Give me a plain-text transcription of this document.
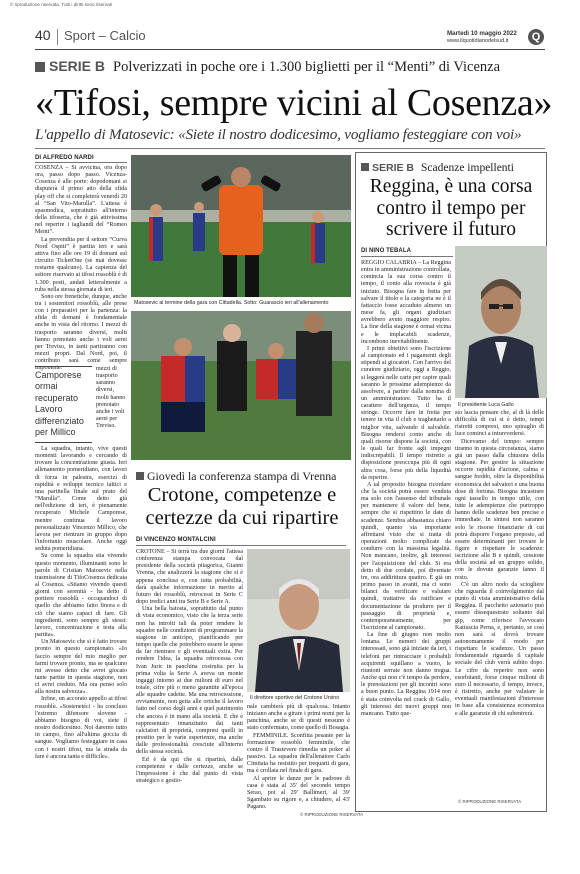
© riproduzione riservata. Tutti i diritti sono riservati
40 Sport – Calcio	Martedì 10 maggio 2022
www.ilquotidianodelsud.it	Q
SERIE B Polverizzati in poche ore i 1.300 biglietti per il “Menti” di Vicenza
«Tifosi, sempre vicini al Cosenza»
L'appello di Matosevic: «Siete il nostro dodicesimo, vogliamo festeggiare con voi»
DI ALFREDO NARDI
COSENZA – Si avvicina, ora dopo ora, passo dopo passo. Vicenza-Cosenza è alle porte: dopodomani si disputerà il primo atto della sfida play off che si completerà venerdì 20 al “San Vito-Marulla”. L'attesa è spasmodica, soprattutto all'interno della tifoseria, che è già attivissima nel reperire i tagliandi del “Romeo Menti”.
La prevendita per il settore “Curva Nord Ospiti” è partita ieri e sarà attiva fino alle ore 19 di domani sul circuito TicketOne (se mai dovesse restarne qualcuno). La capienza del settore riservato ai tifosi rossoblù è di 1.300 posti, andati letteralmente a ruba nella stessa giornata di ieri.
Sono ore frenetiche, dunque, anche tra i sostenitori rossoblù, alle prese con i preparativi per la partenza: la sfida di domani è fondamentale anche in vista del ritorno. I mezzi di trasporto saranno diversi, molti hanno prenotato anche i voli aerei per Treviso, in tanti partiranno con mezzi propri. Dal Nord, poi, il contributo sarà come sempre imponente.
Camporese ormai recuperato Lavoro differenziato per Millico
mezzi di trasporto saranno diversi, molti hanno prenotato anche i voli aerei per Treviso.
La squadra, intanto, vive questi momenti lavorando e cercando di trovare la concentrazione giusta. Ieri allenamento pomeridiano, con lavori di forza in palestra, esercizi di rapidità e sviluppi tecnico tattici e una partitella finale sul prato del “Marulla”. Come detto già nell'edizione di ieri, è pienamente recuperato Michele Camporese, mentre continua il lavoro personalizzato Vincenzo Millico, che lavora per rientrare in gruppo dopo l'infortunio muscolare. Anche oggi seduta pomeridiana.
Su come la squadra stia vivendo questo momento, illuminanti sono le parole di Cristian Matosevic nella trasmissione di TifoCosenza dedicata al Cosenza. «Stiamo vivendo questi giorni con serenità - ha detto il portiere rossoblù - occupandoci di quello che abbiamo fatto finora e di ciò che siamo capaci di fare. Gli ingredienti, sono sempre gli stessi: lavoro, concentrazione e testa alla partita».
Un Matosevic che si è fatto trovare pronto in questo campionato. «Io faccio sempre del mio meglio per farmi trovare pronto, ma se qualcuno mi avesse detto che avrei giocato tante partite in questa stagione, non ci avrei creduto. Ma ora penso solo alla nostra salvezza».
Infine, un accorato appello ai tifosi rossoblù. «Sostenetéci - ha concluso l'estremo difensore slovene - abbiamo bisogno di voi, siete il nostro dodicesimo. Noi daremo tutto in campo, fino all'ultima goccia di sangue. Vogliamo festeggiare in casa con i nostri tifosi, ma la strada da fare è ancora tanta e difficile».
Matosevic al termine della gara con Cittadella. Sotto: Guarascio ieri all'allenamento
SERIE B Scadenze impellenti
Reggina, è una corsa contro il tempo per scrivere il futuro
DI NINO TEBALA
Il presidente Luca Gallo
REGGIO CALABRIA – La Reggina entra in amministrazione controllata, comincia la sua corsa contro il tempo, il conto alla rovescia è già iniziato. Bisogna fare in fretta per salvare il titolo e la categoria ne è il fattaccio fosse accaduto almeno un mese fa, gli organi giudiziari avrebbero avuto maggiore respiro. La fine della stagione è ormai vicina e le implacabili scadenze, incombono inevitabilmente.
I primi obiettivi sono l'iscrizione al campionato ed i pagamenti degli stipendi ai giocatori. Con l'arrivo del curatore giudiziario, oggi a Reggio, si leggerà nelle carte per capire quali saranno le prossime adempienze da assolvere, a partire dalla nomina di un amministratore. Tutto ha il carattere dell'urgenza, il tempo stringe. Occorre fare in fretta per tenere in vita il club e traghettarlo a miglior vita, salvando il salvabile. Bisogna rendersi conto anche di quali risorse dispone la società, con le quali far fronte agli impegni indiscrepabili. Il tempo ristretto a disposizione preoccupa più di ogni altra cosa, forse più della liquidità da reperire.
A tal proposito bisogna ricordare che la società potrà essere venduta ma solo con l'assenso del tribunale per mantenere il valore del bene, sempre che si rispettino le date di scadenze. Sembra abbastanza chiaro quindi, quanto sia importante affrettarsi visto che si tratta di operazioni molto complicate da condurre con la massima legalità. Non mancano, inoltre, gli interessi per l'acquisizione del club. Si era detto di due cordate, poi diventate tre, ora addirittura quattro. È già un primo passo in avanti, ma ci sono bilanci da verificare e valutare quindi, trattative da ratificare e documentazione da produrre per il passaggio di proprietà e, contemporaneamente, per l'iscrizione al campionato.
La fine di giugno non molto lontana. Le numeri dei gruppi interessati, sono già iniziate da ieri, i telefoni per rintracciare i probabili acquirenti squillano a vuoto, le riunioni serrate non danno tregua. Anche qui non c'è tempo da perdere, le prenotazioni per gli incontri sono a buon punto. La Reggina 1914 non è stata coinvolta nel crack di Gallo, gli interessi dei nuovi gruppi non mancano. Tutto que-
sto lascia pensare che, al di là delle difficoltà di cui si è detto, tempi ristretti compresi, uno spiraglio di luce cominci a intravvedersi.
Dicevamo del tempo: sempre tiranno in questa circostanza, siamo già un passo dalla chiusura della stagione. Per gestire la situazione occorre rapidità d'azione, calma e sangue freddo, oltre la disponibilità economica dei salvatori e una buona dose di fortuna. Bisogna incastrare ogni tassello in tempo utile, con tutte le adempienze che purtroppo hanno delle scadenze ben precise e immediate. In sintesi non saranno solo le risorse finanziarie di cui potrà disporre l'organo preposto, ad essere determinanti per trovare le figure e rispettare le scadenze: iscrizione alla B e quindi, cessione della società ad un gruppo solido, con le dovute garanzie fanno il resto.
C'è un altro nodo da sciogliere che riguarda il coinvolgimento dal punto di vista amministrativo della Reggina. Il pacchetto azionario può essere dissequestrato soltanto dal gip, come riferisce l'avvocato Katiuscia Perna, e, pertanto, se così non sarà si dovrà trovare autonomamente il modo per rispettare le scadenze. Un passo fondamentale riguarda il capitale sociale del club verrà subito dopo. Le cifre da reperire non sono esorbitanti, forse cinque milioni di euro il necessario, il tempo, invece, è ristretto, anche per valutare le eventuali manifestazioni d'interesse in base alla consistenza economica e alle garanzie di chi subentrerà.
© RIPRODUZIONE RISERVATA
Giovedì la conferenza stampa di Vrenna
Crotone, competenze e certezze da cui ripartire
DI VINCENZO MONTALCINI
CROTONE – Si terrà tra due giorni l'attesa conferenza stampa convocata dal presidente della società pitagorica, Gianni Vrenna, che analizzerà la stagione che si è appena conclusa e, con tutta probabilità, darà qualche informazione in merito al futuro dei rossoblù, retrocessi in Serie C dopo tredici anni tra Serie B e Serie A.
Una bella batosta, soprattutto dal punto di vista economico, visto che la terza serie non ha introiti tali da poter rendere le squadre nelle condizioni di programmare la stagione in anticipo, pianificando per tempo quelle che potrebbero essere le spese da far rientrare e gli eventuali extra. Per rendere l'idea, la squadra retrocessa con Ivan Juric in panchina costruita per la prima volta la Serie A aveva un monte ingaggi intorno ai due milioni di euro nel totale, cifre più o meno garantite all'epoca alle squadre cadette. Ma una retrocessione, ovviamente, non getta alle ortiche il lavoro fatto nel corso degli anni e quel patrimonio che ancora è in mano alla società. E che è rappresentato innanzitutto dai tanti calciatori di proprietà, compresi quelli in prestito per le varie esperienze, ma anche dalle professionalità cresciute all'interno della stessa società.
Ed è da qui che si ripartirà, dalle competenze e dalle certezze, anche se l'impressione è che dal punto di vista strategico e gestio-
Il direttore sportivo del Crotone Ursino
nale cambierà più di qualcosa. Intanto iniziano anche a girare i primi nomi per la panchina, anche se di questi nessuno è stato confermato, come quello di Bosagia.
FEMMINILE. Sconfitta pesante per la formazione rossoblù femminile, che contro il Trastevere rimedia un poker al passivo. La squadra dell'allenatore Carlo Cimitata ha resistito per trequarti di gara, ma è crollata nel finale di gara.
Al aprire le danze per le padrone di casa è stata al 35' del secondo tempo Serao, poi al 29' Ballimeri, al 39' Sgambato su rigore e, a chiudere, al 43' Pagano.
© RIPRODUZIONE RISERVATA
